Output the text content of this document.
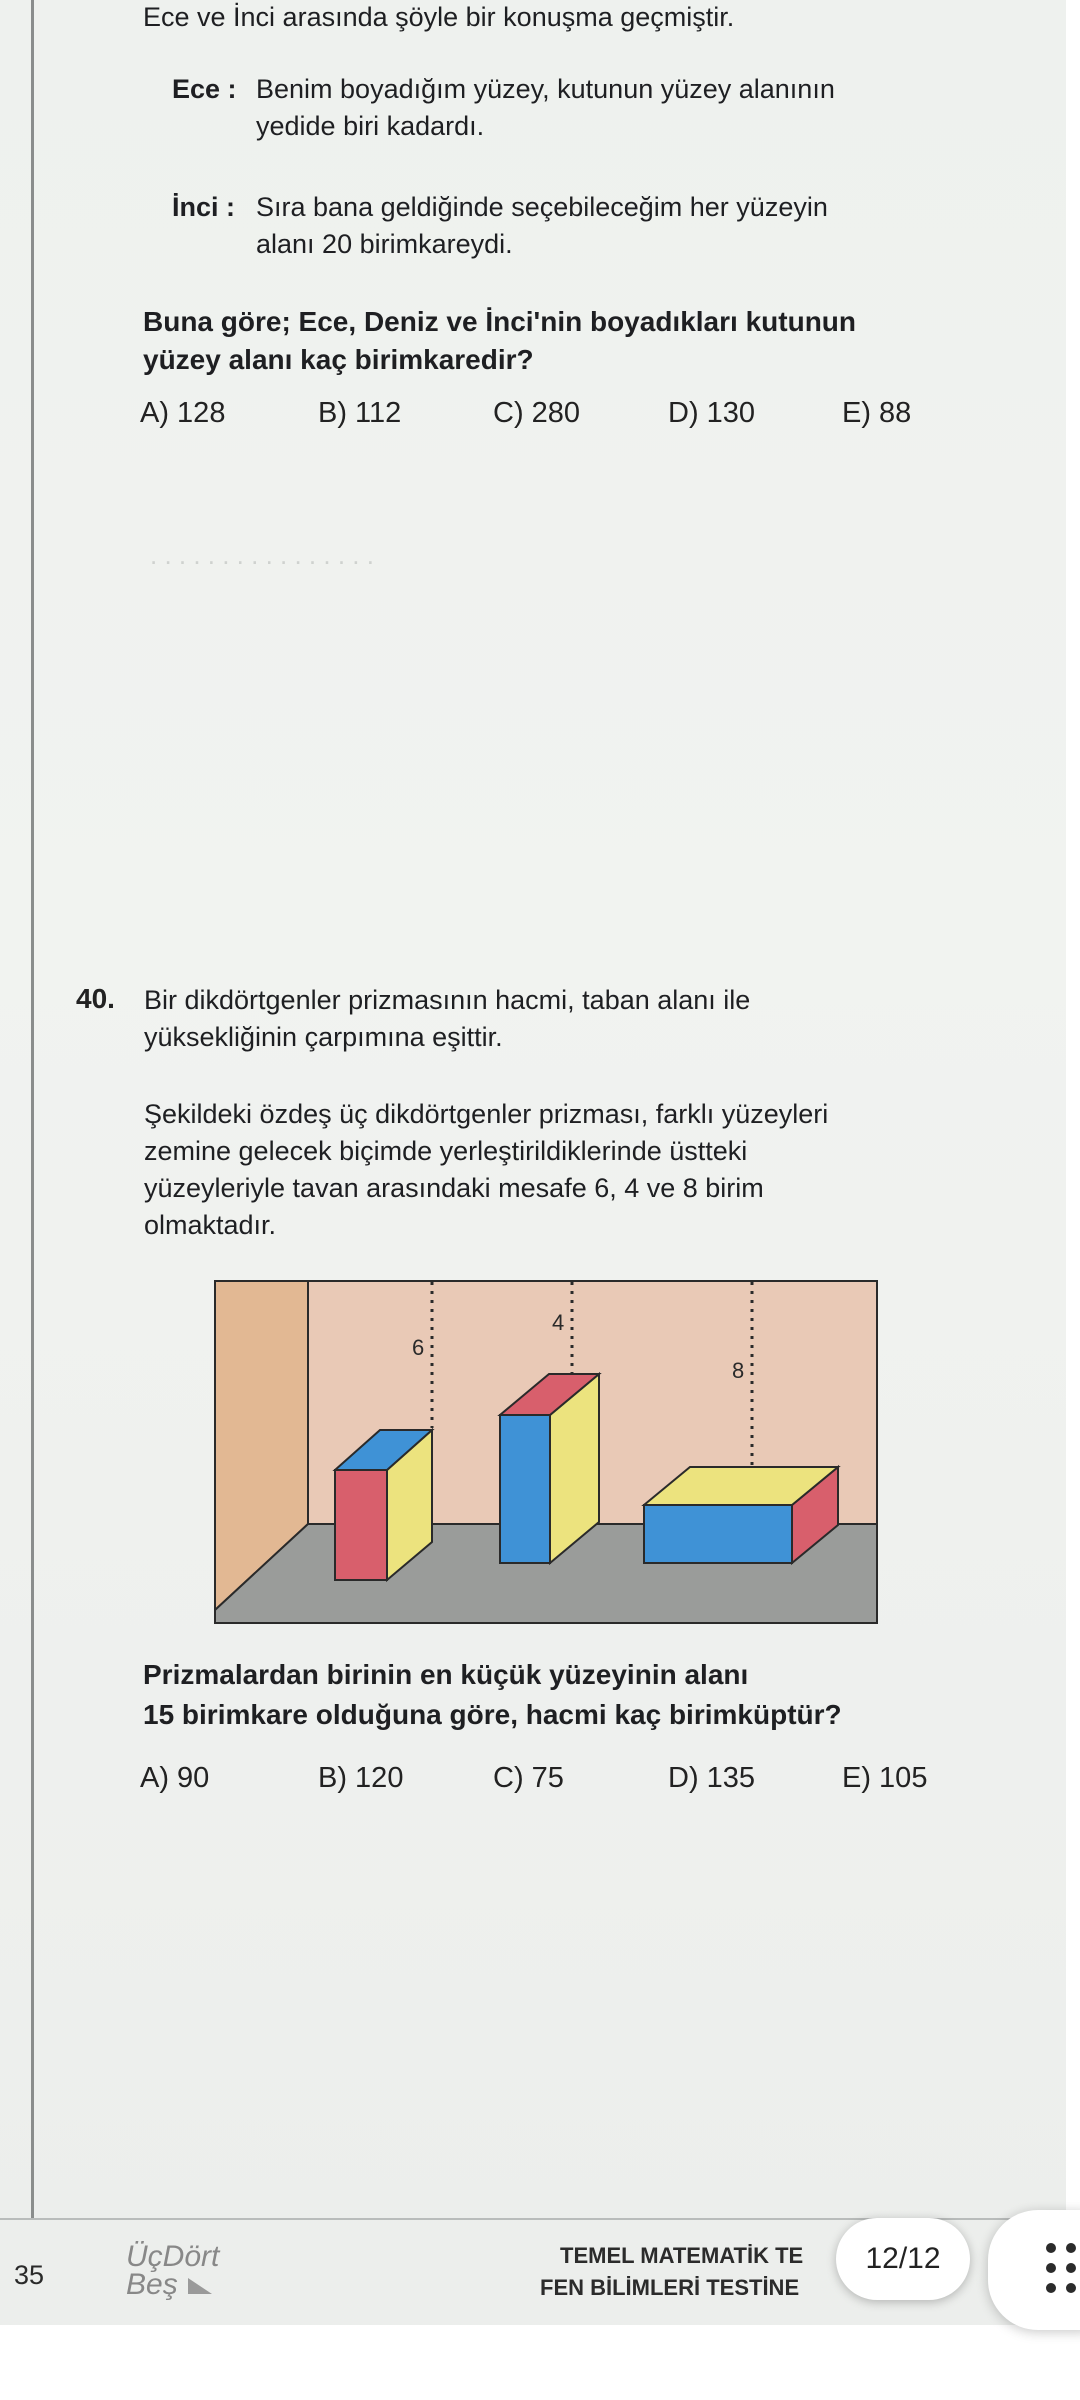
. . . . . . . . . . . . . . . .
Ece ve İnci arasında şöyle bir konuşma geçmiştir.
Ece : Benim boyadığım yüzey, kutunun yüzey alanının
yedide biri kadardı.
İnci : Sıra bana geldiğinde seçebileceğim her yüzeyin
alanı 20 birimkareydi.
Buna göre; Ece, Deniz ve İnci'nin boyadıkları kutunun
yüzey alanı kaç birimkaredir?
A) 128	B) 112	C) 280	D) 130	E) 88
40. Bir dikdörtgenler prizmasının hacmi, taban alanı ile
yüksekliğinin çarpımına eşittir.
Şekildeki özdeş üç dikdörtgenler prizması, farklı yüzeyleri
zemine gelecek biçimde yerleştirildiklerinde üstteki
yüzeyleriyle tavan arasındaki mesafe 6, 4 ve 8 birim
olmaktadır.
6
4
8
Prizmalardan birinin en küçük yüzeyinin alanı
15 birimkare olduğuna göre, hacmi kaç birimküptür?
A) 90	B) 120	C) 75	D) 135	E) 105
35
ÜçDört
Beş
TEMEL MATEMATİK TE
FEN BİLİMLERİ TESTİNE
12/12
